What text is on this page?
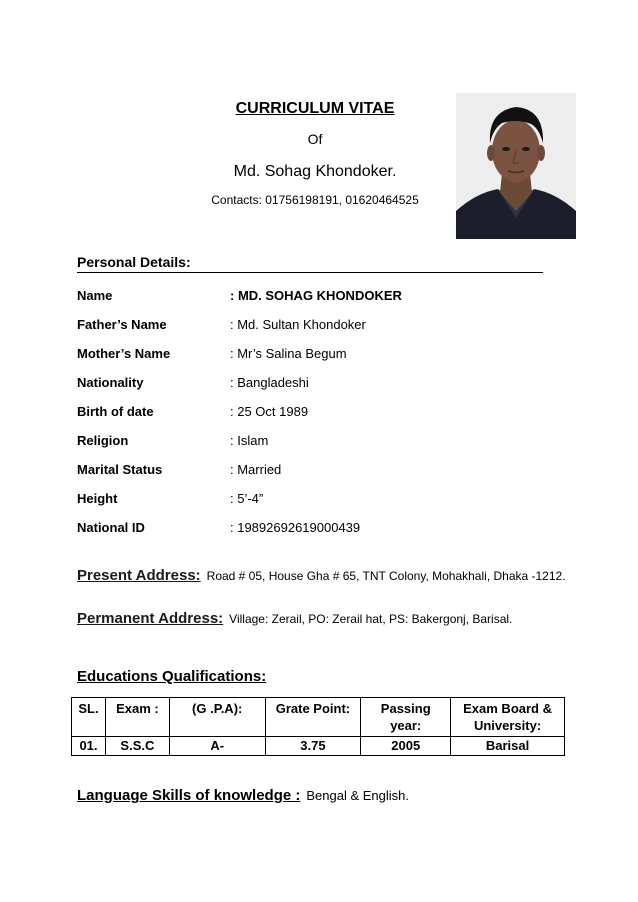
CURRICULUM VITAE
Of
Md. Sohag Khondoker.
Contacts: 01756198191, 01620464525
Personal Details:
Name	: MD. SOHAG KHONDOKER
Father’s Name	: Md. Sultan Khondoker
Mother’s Name	: Mr’s Salina Begum
Nationality	: Bangladeshi
Birth of date	: 25 Oct 1989
Religion	: Islam
Marital Status	: Married
Height	: 5’-4”
National ID	: 19892692619000439
Present Address: Road # 05, House Gha # 65, TNT Colony, Mohakhali, Dhaka -1212.
Permanent Address: Village: Zerail, PO: Zerail hat, PS: Bakergonj, Barisal.
Educations Qualifications:
SL.	Exam :	(G .P.A):	Grate Point:	Passing year:	Exam Board & University:
01.	S.S.C	A-	3.75	2005	Barisal
Language Skills of knowledge : Bengal & English.
